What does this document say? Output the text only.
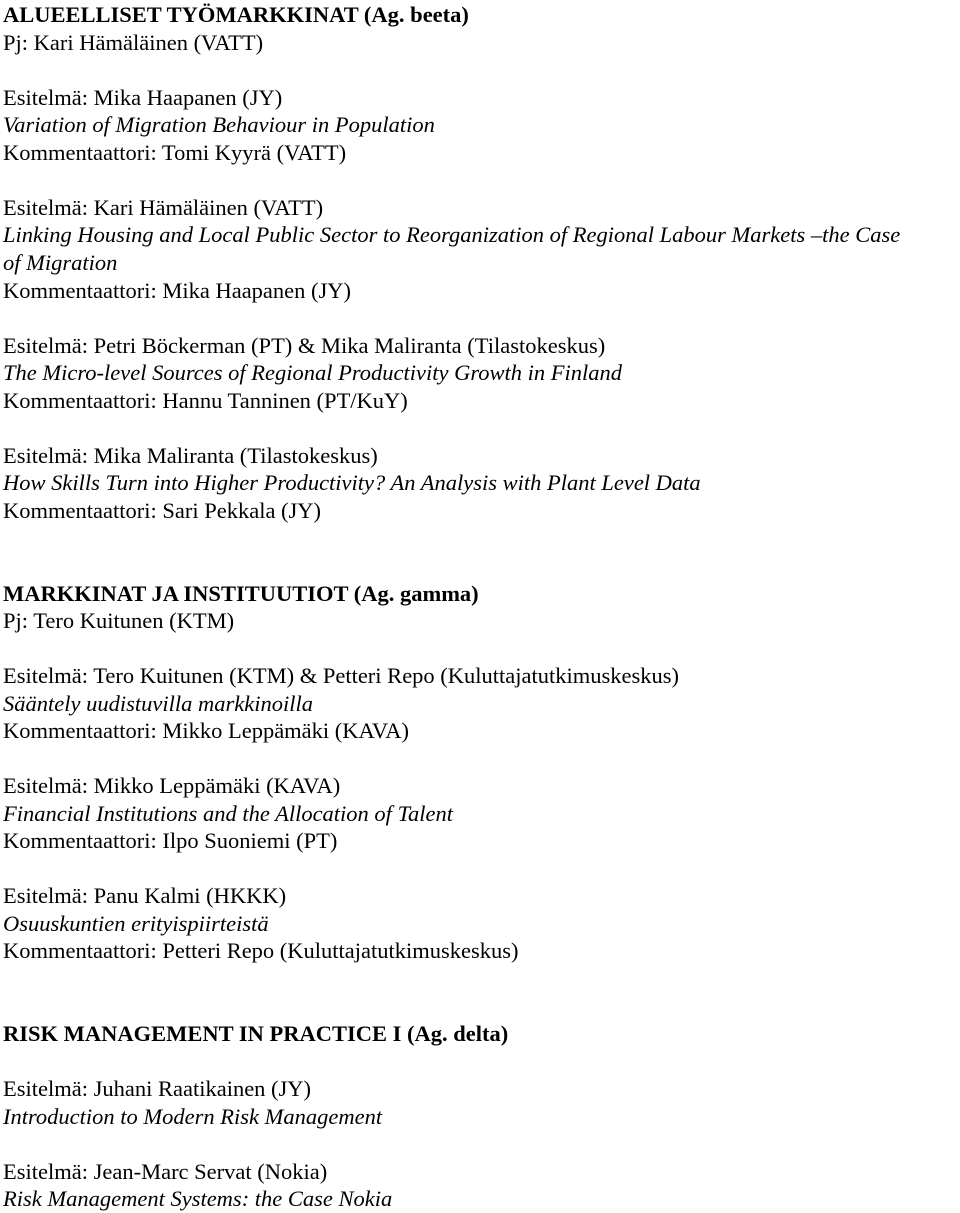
ALUEELLISET TYÖMARKKINAT (Ag. beeta)
Pj: Kari Hämäläinen (VATT)
Esitelmä: Mika Haapanen (JY)
Variation of Migration Behaviour in Population
Kommentaattori: Tomi Kyyrä (VATT)
Esitelmä: Kari Hämäläinen (VATT)
Linking Housing and Local Public Sector to Reorganization of Regional Labour Markets –the Case
of Migration
Kommentaattori: Mika Haapanen (JY)
Esitelmä: Petri Böckerman (PT) & Mika Maliranta (Tilastokeskus)
The Micro-level Sources of Regional Productivity Growth in Finland
Kommentaattori: Hannu Tanninen (PT/KuY)
Esitelmä: Mika Maliranta (Tilastokeskus)
How Skills Turn into Higher Productivity? An Analysis with Plant Level Data
Kommentaattori: Sari Pekkala (JY)
MARKKINAT JA INSTITUUTIOT (Ag. gamma)
Pj: Tero Kuitunen (KTM)
Esitelmä: Tero Kuitunen (KTM) & Petteri Repo (Kuluttajatutkimuskeskus)
Sääntely uudistuvilla markkinoilla
Kommentaattori: Mikko Leppämäki (KAVA)
Esitelmä: Mikko Leppämäki (KAVA)
Financial Institutions and the Allocation of Talent
Kommentaattori: Ilpo Suoniemi (PT)
Esitelmä: Panu Kalmi (HKKK)
Osuuskuntien erityispiirteistä
Kommentaattori: Petteri Repo (Kuluttajatutkimuskeskus)
RISK MANAGEMENT IN PRACTICE I (Ag. delta)
Esitelmä: Juhani Raatikainen (JY)
Introduction to Modern Risk Management
Esitelmä: Jean-Marc Servat (Nokia)
Risk Management Systems: the Case Nokia
